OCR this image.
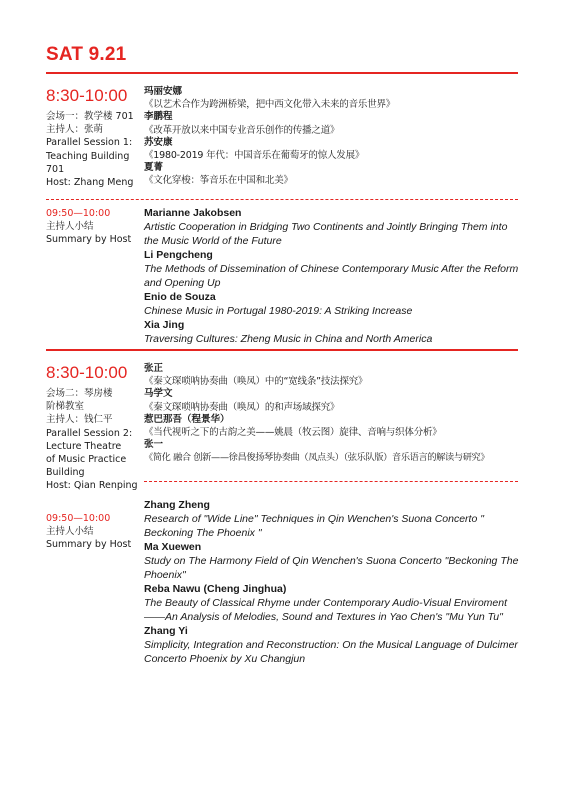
SAT 9.21
8:30-10:00
会场一：教学楼 701
主持人：张萌
Parallel Session 1:
Teaching Building
701
Host: Zhang Meng
玛丽安娜
《以艺术合作为跨洲桥梁，把中西文化带入未来的音乐世界》
李鹏程
《改革开放以来中国专业音乐创作的传播之道》
苏安康
《1980-2019 年代：中国音乐在葡萄牙的惊人发展》
夏菁
《文化穿梭：筝音乐在中国和北美》
09:50—10:00
主持人小结
Summary by Host
Marianne Jakobsen
Artistic Cooperation in Bridging Two Continents and Jointly Bringing Them into the Music World of the Future
Li Pengcheng
The Methods of Dissemination of Chinese Contemporary Music After the Reform and Opening Up
Enio de Souza
Chinese Music in Portugal 1980-2019: A Striking Increase
Xia Jing
Traversing Cultures: Zheng Music in China and North America
8:30-10:00
会场二：琴房楼
阶梯教室
主持人：钱仁平
Parallel Session 2:
Lecture Theatre
of Music Practice
Building
Host: Qian Renping
张正
《秦文琛唢呐协奏曲（唤凤）中的“宽线条”技法探究》
马学文
《秦文琛唢呐协奏曲（唤凤）的和声场域探究》
惹巴那吾（程景华）
《当代视听之下的古韵之美——姚晨（牧云图）旋律、音响与织体分析》
张一
《简化 融合 创新——徐昌俊扬琴协奏曲（凤点头）（弦乐队版）音乐语言的解读与研究》
09:50—10:00
主持人小结
Summary by Host
Zhang Zheng
Research of "Wide Line" Techniques in Qin Wenchen's Suona Concerto " Beckoning The Phoenix "
Ma Xuewen
Study on The Harmony Field of Qin Wenchen's Suona Concerto "Beckoning The Phoenix"
Reba Nawu (Cheng Jinghua)
The Beauty of Classical Rhyme under Contemporary Audio-Visual Enviroment——An Analysis of Melodies, Sound and Textures in Yao Chen's "Mu Yun Tu"
Zhang Yi
Simplicity, Integration and Reconstruction: On the Musical Language of Dulcimer Concerto Phoenix by Xu Changjun
